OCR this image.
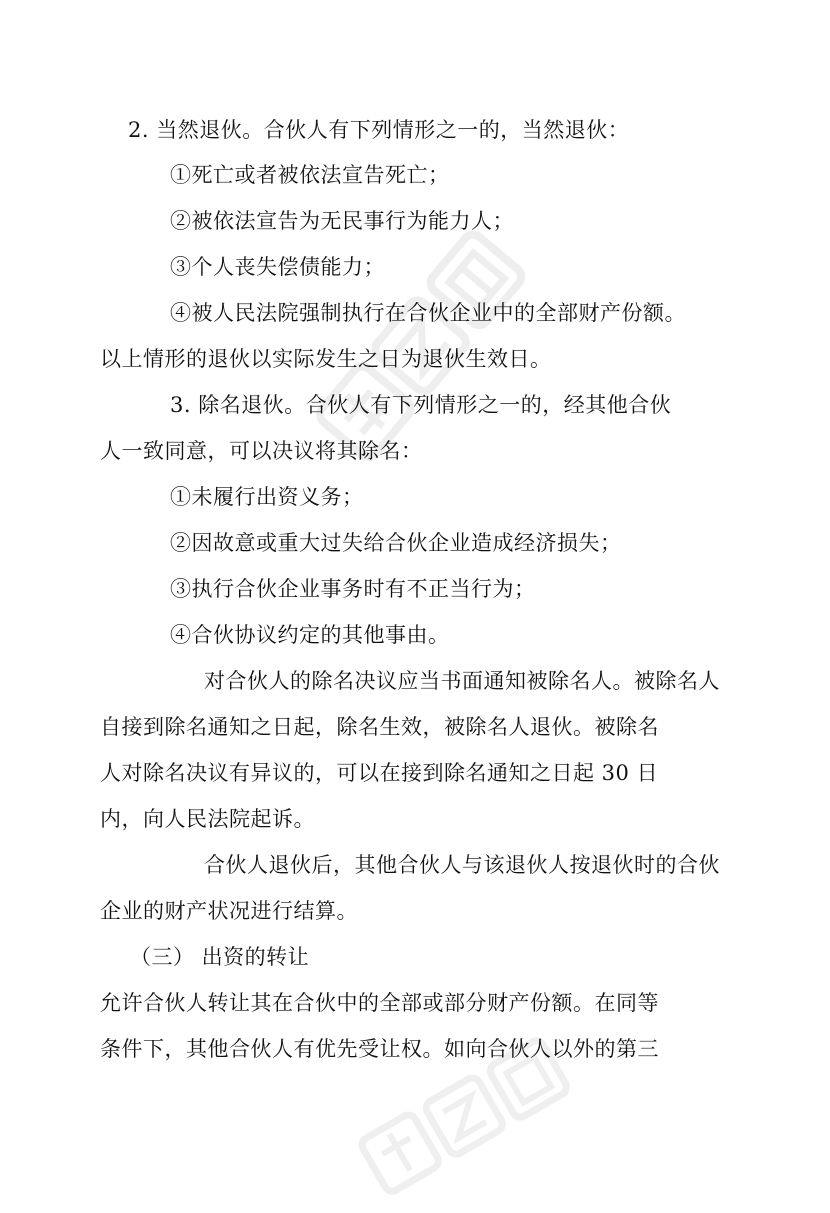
2. 当然退伙。合伙人有下列情形之一的，当然退伙：
①死亡或者被依法宣告死亡；
②被依法宣告为无民事行为能力人；
③个人丧失偿债能力；
④被人民法院强制执行在合伙企业中的全部财产份额。
以上情形的退伙以实际发生之日为退伙生效日。
3. 除名退伙。合伙人有下列情形之一的，经其他合伙
人一致同意，可以决议将其除名：
①未履行出资义务；
②因故意或重大过失给合伙企业造成经济损失；
③执行合伙企业事务时有不正当行为；
④合伙协议约定的其他事由。
对合伙人的除名决议应当书面通知被除名人。被除名人
自接到除名通知之日起，除名生效，被除名人退伙。被除名
人对除名决议有异议的，可以在接到除名通知之日起 30 日
内，向人民法院起诉。
合伙人退伙后，其他合伙人与该退伙人按退伙时的合伙
企业的财产状况进行结算。
（三） 出资的转让
允许合伙人转让其在合伙中的全部或部分财产份额。在同等
条件下，其他合伙人有优先受让权。如向合伙人以外的第三
